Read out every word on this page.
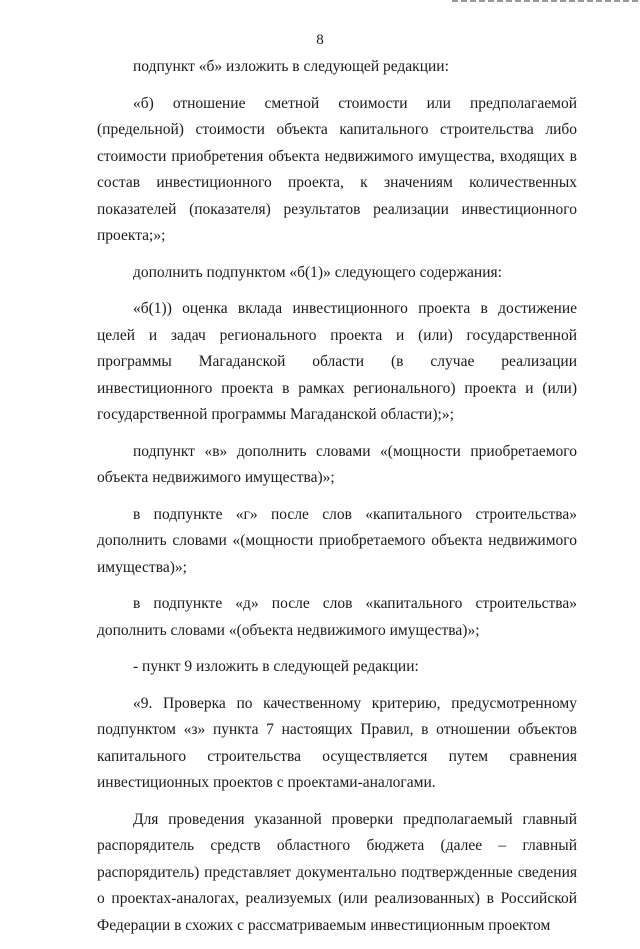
8

подпункт «б» изложить в следующей редакции:

«б) отношение сметной стоимости или предполагаемой (предельной) стоимости объекта капитального строительства либо стоимости приобретения объекта недвижимого имущества, входящих в состав инвестиционного проекта, к значениям количественных показателей (показателя) результатов реализации инвестиционного проекта;»;

дополнить подпунктом «б(1)» следующего содержания:

«б(1)) оценка вклада инвестиционного проекта в достижение целей и задач регионального проекта и (или) государственной программы Магаданской области (в случае реализации инвестиционного проекта в рамках регионального) проекта и (или) государственной программы Магаданской области);»;

подпункт «в» дополнить словами «(мощности приобретаемого объекта недвижимого имущества)»;

в подпункте «г» после слов «капитального строительства» дополнить словами «(мощности приобретаемого объекта недвижимого имущества)»;

в подпункте «д» после слов «капитального строительства» дополнить словами «(объекта недвижимого имущества)»;

- пункт 9 изложить в следующей редакции:

«9. Проверка по качественному критерию, предусмотренному подпунктом «з» пункта 7 настоящих Правил, в отношении объектов капитального строительства осуществляется путем сравнения инвестиционных проектов с проектами-аналогами.

Для проведения указанной проверки предполагаемый главный распорядитель средств областного бюджета (далее – главный распорядитель) представляет документально подтвержденные сведения о проектах-аналогах, реализуемых (или реализованных) в Российской Федерации в схожих с рассматриваемым инвестиционным проектом
